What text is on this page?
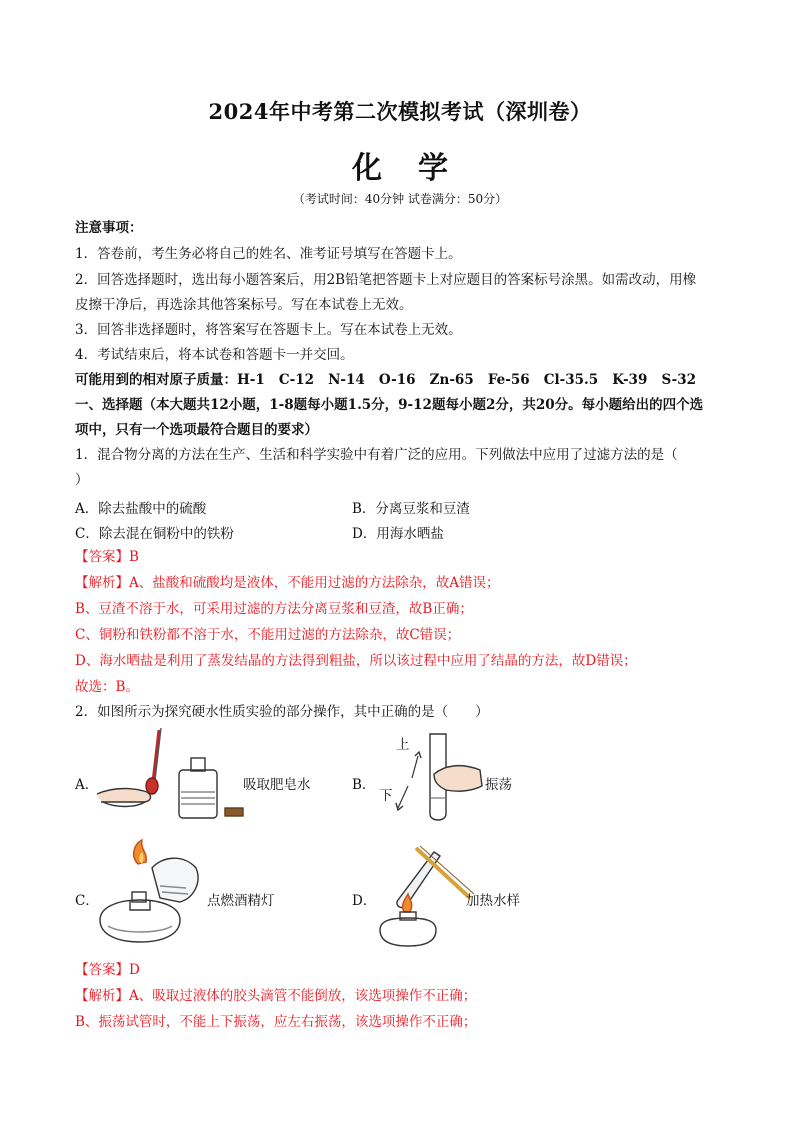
2024年中考第二次模拟考试（深圳卷）
化学
（考试时间：40分钟 试卷满分：50分）
注意事项：
1．答卷前，考生务必将自己的姓名、准考证号填写在答题卡上。
2．回答选择题时，选出每小题答案后，用2B铅笔把答题卡上对应题目的答案标号涂黑。如需改动，用橡
皮擦干净后，再选涂其他答案标号。写在本试卷上无效。
3．回答非选择题时，将答案写在答题卡上。写在本试卷上无效。
4．考试结束后，将本试卷和答题卡一并交回。
可能用到的相对原子质量：H-1   C-12   N-14   O-16   Zn-65   Fe-56   Cl-35.5   K-39   S-32
一、选择题（本大题共12小题，1-8题每小题1.5分，9-12题每小题2分，共20分。每小题给出的四个选
项中，只有一个选项最符合题目的要求）
1．混合物分离的方法在生产、生活和科学实验中有着广泛的应用。下列做法中应用了过滤方法的是（
）
A．除去盐酸中的硫酸	B．分离豆浆和豆渣
C．除去混在铜粉中的铁粉	D．用海水晒盐
【答案】B
【解析】A、盐酸和硫酸均是液体，不能用过滤的方法除杂，故A错误；
B、豆渣不溶于水，可采用过滤的方法分离豆浆和豆渣，故B正确；
C、铜粉和铁粉都不溶于水，不能用过滤的方法除杂，故C错误；
D、海水晒盐是利用了蒸发结晶的方法得到粗盐，所以该过程中应用了结晶的方法，故D错误；
故选：B。
2．如图所示为探究硬水性质实验的部分操作，其中正确的是（　　）
A．	吸取肥皂水	B．
上
下
振荡
C．	点燃酒精灯	D．	加热水样
【答案】D
【解析】A、吸取过液体的胶头滴管不能倒放，该选项操作不正确；
B、振荡试管时，不能上下振荡，应左右振荡，该选项操作不正确；
